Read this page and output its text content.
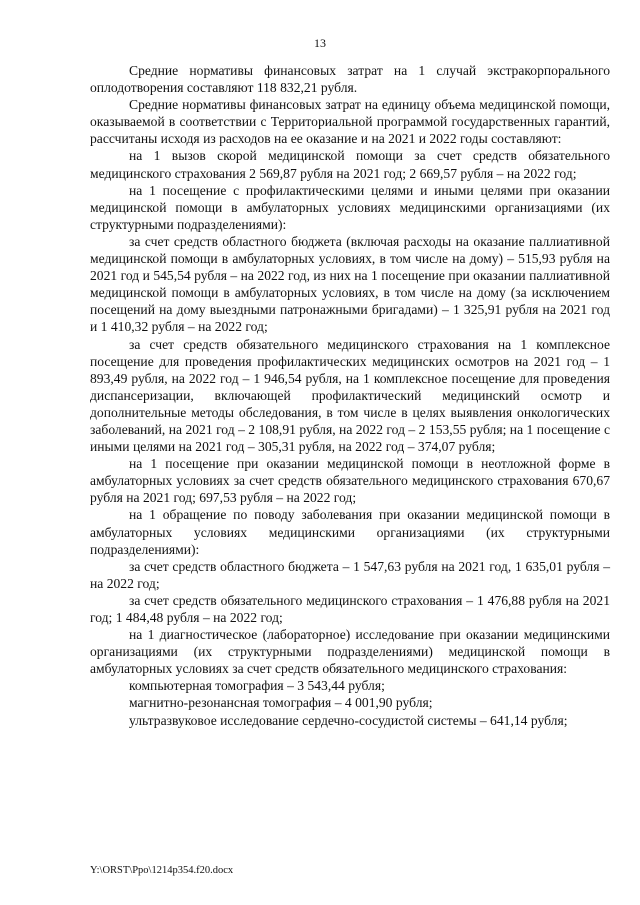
13

Средние нормативы финансовых затрат на 1 случай экстракорпорального оплодотворения составляют 118 832,21 рубля.

Средние нормативы финансовых затрат на единицу объема медицинской помощи, оказываемой в соответствии с Территориальной программой государственных гарантий, рассчитаны исходя из расходов на ее оказание и на 2021 и 2022 годы составляют:

на 1 вызов скорой медицинской помощи за счет средств обязательного медицинского страхования 2 569,87 рубля на 2021 год; 2 669,57 рубля – на 2022 год;

на 1 посещение с профилактическими целями и иными целями при оказании медицинской помощи в амбулаторных условиях медицинскими организациями (их структурными подразделениями):

за счет средств областного бюджета (включая расходы на оказание паллиативной медицинской помощи в амбулаторных условиях, в том числе на дому) – 515,93 рубля на 2021 год и 545,54 рубля – на 2022 год, из них на 1 посещение при оказании паллиативной медицинской помощи в амбулаторных условиях, в том числе на дому (за исключением посещений на дому выездными патронажными бригадами) – 1 325,91 рубля на 2021 год и 1 410,32 рубля – на 2022 год;

за счет средств обязательного медицинского страхования на 1 комплексное посещение для проведения профилактических медицинских осмотров на 2021 год – 1 893,49 рубля, на 2022 год – 1 946,54 рубля, на 1 комплексное посещение для проведения диспансеризации, включающей профилактический медицинский осмотр и дополнительные методы обследования, в том числе в целях выявления онкологических заболеваний, на 2021 год – 2 108,91 рубля, на 2022 год – 2 153,55 рубля; на 1 посещение с иными целями на 2021 год – 305,31 рубля, на 2022 год – 374,07 рубля;

на 1 посещение при оказании медицинской помощи в неотложной форме в амбулаторных условиях за счет средств обязательного медицинского страхования 670,67 рубля на 2021 год; 697,53 рубля – на 2022 год;

на 1 обращение по поводу заболевания при оказании медицинской помощи в амбулаторных условиях медицинскими организациями (их структурными подразделениями):

за счет средств областного бюджета – 1 547,63 рубля на 2021 год, 1 635,01 рубля – на 2022 год;

за счет средств обязательного медицинского страхования – 1 476,88 рубля на 2021 год; 1 484,48 рубля – на 2022 год;

на 1 диагностическое (лабораторное) исследование при оказании медицинскими организациями (их структурными подразделениями) медицинской помощи в амбулаторных условиях за счет средств обязательного медицинского страхования:

компьютерная томография – 3 543,44 рубля;

магнитно-резонансная томография – 4 001,90 рубля;

ультразвуковое исследование сердечно-сосудистой системы – 641,14 рубля;

Y:\ORST\Ppo\1214p354.f20.docx
